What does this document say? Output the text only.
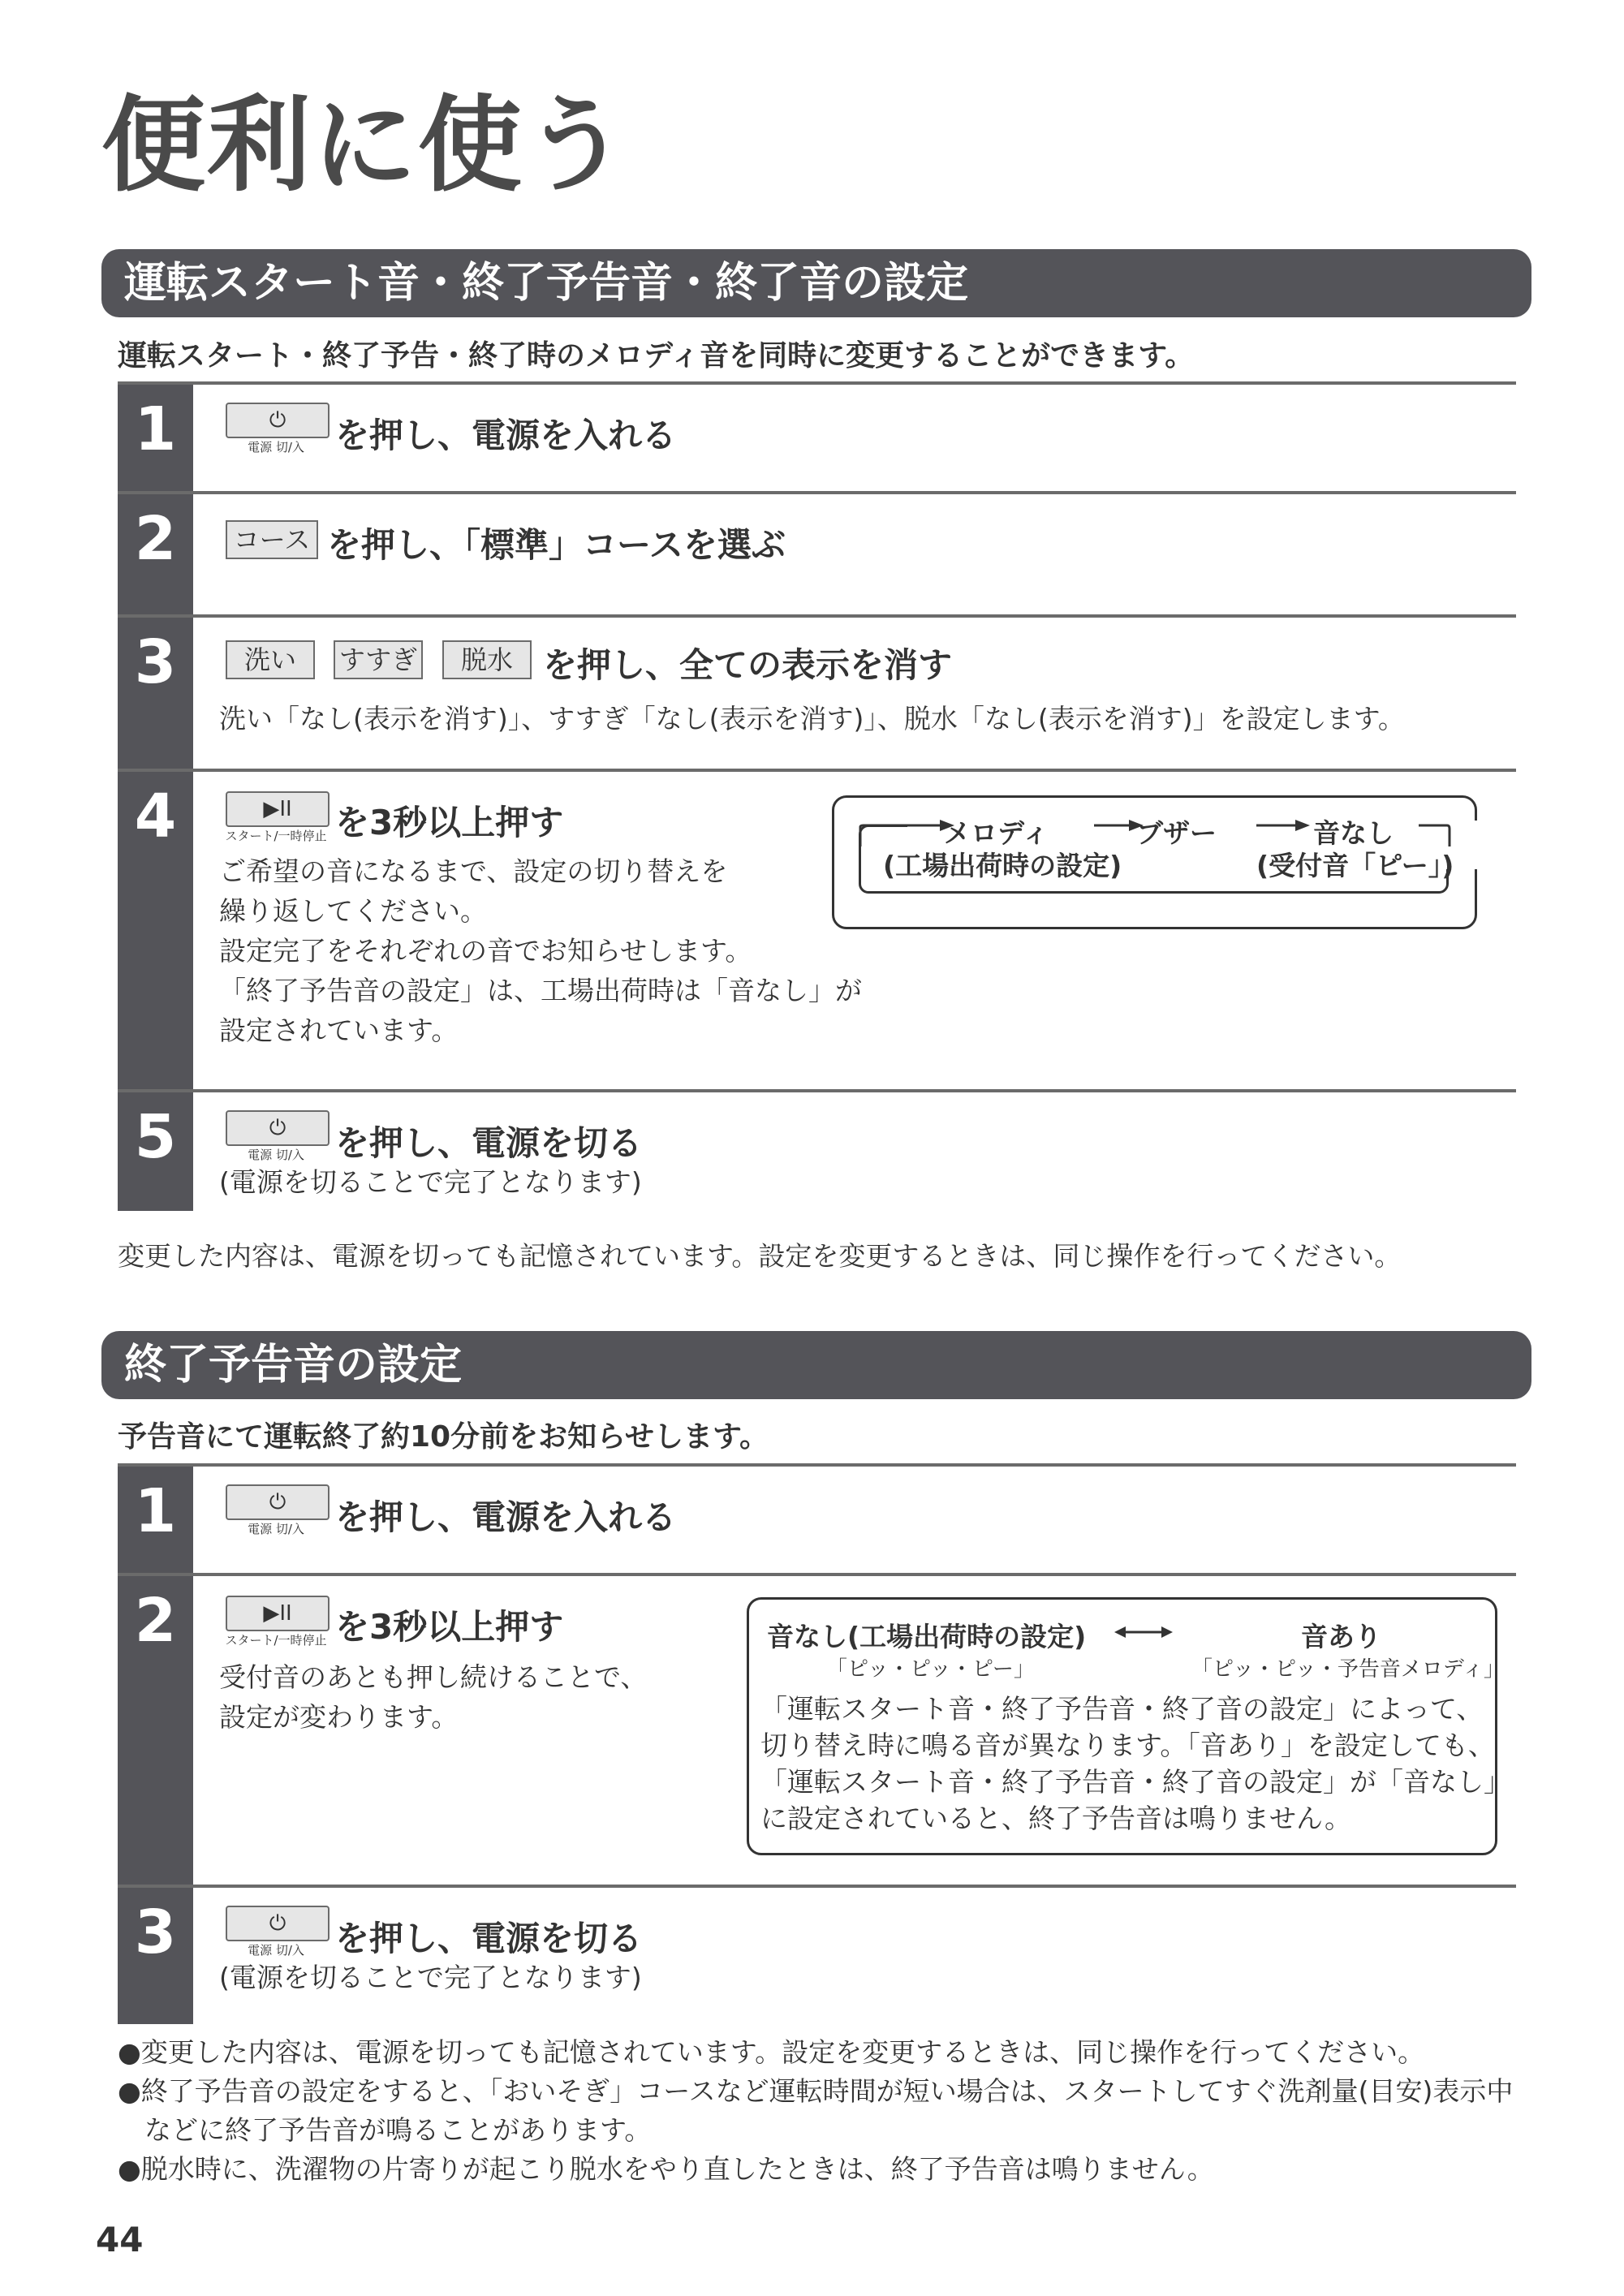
便利に使う
運転スタート音・終了予告音・終了音の設定
運転スタート・終了予告・終了時のメロディ音を同時に変更することができます。
1	⏻
電源 切/入 を押し、電源を入れる
2	コース を押し、「標準」コースを選ぶ
3	洗い	すすぎ	脱水 を押し、全ての表示を消す
洗い「なし(表示を消す)」、すすぎ「なし(表示を消す)」、脱水「なし(表示を消す)」を設定します。
4	▶II
スタート/一時停止 を3秒以上押す
ご希望の音になるまで、設定の切り替えを
繰り返してください。
設定完了をそれぞれの音でお知らせします。
「終了予告音の設定」は、工場出荷時は「音なし」が
設定されています。
メロディ	ブザー	音なし
(工場出荷時の設定)	(受付音「ピー」)
5	⏻
電源 切/入 を押し、電源を切る
(電源を切ることで完了となります)
変更した内容は、電源を切っても記憶されています。設定を変更するときは、同じ操作を行ってください。
終了予告音の設定
予告音にて運転終了約10分前をお知らせします。
1	⏻
電源 切/入 を押し、電源を入れる
2	▶II
スタート/一時停止 を3秒以上押す
受付音のあとも押し続けることで、
設定が変わります。
音なし(工場出荷時の設定)	音あり
「ピッ・ピッ・ピー」	「ピッ・ピッ・予告音メロディ」
「運転スタート音・終了予告音・終了音の設定」によって、
切り替え時に鳴る音が異なります。「音あり」を設定しても、
「運転スタート音・終了予告音・終了音の設定」が「音なし」
に設定されていると、終了予告音は鳴りません。
3	⏻
電源 切/入 を押し、電源を切る
(電源を切ることで完了となります)
●変更した内容は、電源を切っても記憶されています。設定を変更するときは、同じ操作を行ってください。
●終了予告音の設定をすると、「おいそぎ」コースなど運転時間が短い場合は、スタートしてすぐ洗剤量(目安)表示中
　などに終了予告音が鳴ることがあります。
●脱水時に、洗濯物の片寄りが起こり脱水をやり直したときは、終了予告音は鳴りません。
44
